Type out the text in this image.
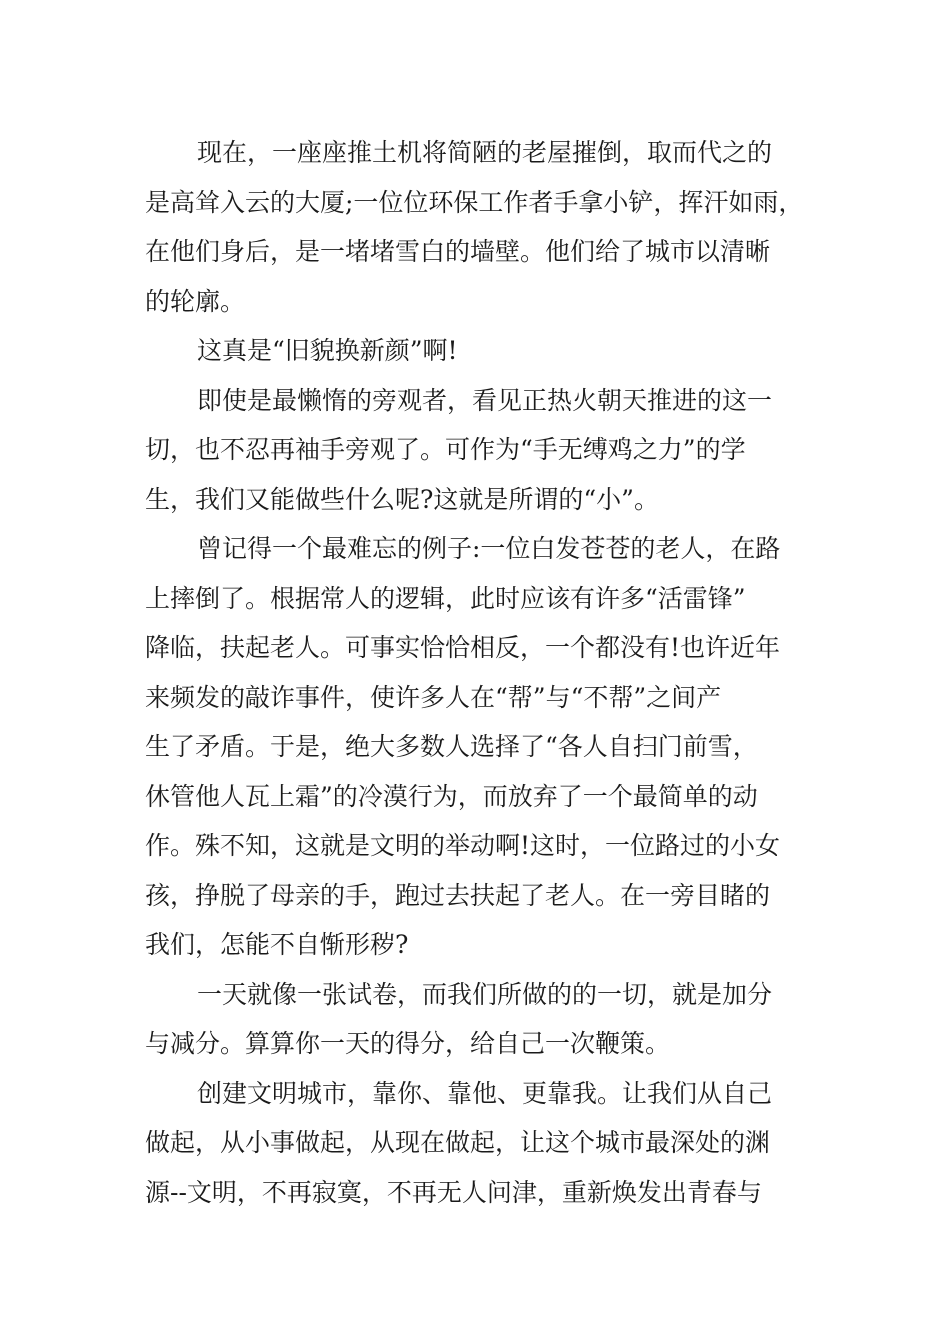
现在，一座座推土机将简陋的老屋摧倒，取而代之的
是高耸入云的大厦;一位位环保工作者手拿小铲，挥汗如雨，
在他们身后，是一堵堵雪白的墙壁。他们给了城市以清晰
的轮廓。
这真是“旧貌换新颜”啊!
即使是最懒惰的旁观者，看见正热火朝天推进的这一
切，也不忍再袖手旁观了。可作为“手无缚鸡之力”的学
生，我们又能做些什么呢?这就是所谓的“小”。
曾记得一个最难忘的例子:一位白发苍苍的老人，在路
上摔倒了。根据常人的逻辑，此时应该有许多“活雷锋”
降临，扶起老人。可事实恰恰相反，一个都没有!也许近年
来频发的敲诈事件，使许多人在“帮”与“不帮”之间产
生了矛盾。于是，绝大多数人选择了“各人自扫门前雪，
休管他人瓦上霜”的冷漠行为，而放弃了一个最简单的动
作。殊不知，这就是文明的举动啊!这时，一位路过的小女
孩，挣脱了母亲的手，跑过去扶起了老人。在一旁目睹的
我们，怎能不自惭形秽?
一天就像一张试卷，而我们所做的的一切，就是加分
与减分。算算你一天的得分，给自己一次鞭策。
创建文明城市，靠你、靠他、更靠我。让我们从自己
做起，从小事做起，从现在做起，让这个城市最深处的渊
源--文明，不再寂寞，不再无人问津，重新焕发出青春与
